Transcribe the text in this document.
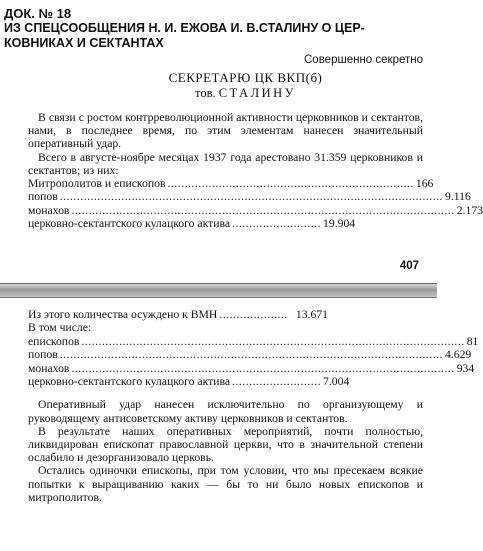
ДОК. № 18
ИЗ СПЕЦСООБЩЕНИЯ Н. И. ЕЖОВА И. В.СТАЛИНУ О ЦЕР-КОВНИКАХ И СЕКТАНТАХ
Совершенно секретно
СЕКРЕТАРЮ ЦК ВКП(б)
тов. СТАЛИНУ

В связи с ростом контрреволюционной активности церковников и сектантов, нами, в последнее время, по этим элементам нанесен значительный оперативный удар.

Всего в августе-ноябре месяцах 1937 года арестовано 31.359 церковников и сектантов; из них:

Митрополитов и епископов ........................................................................ 166
попов ................................................................................................................ 9.116
монахов ................................................................................................................ 2.173
церковно-сектантского кулацкого актива .......................... 19.904
407
Из этого количества осуждено к ВМН .................... 13.671
В том числе:
епископов ................................................................................................................ 81
попов ................................................................................................................ 4.629
монахов ................................................................................................................ 934
церковно-сектантского кулацкого актива .......................... 7.004

Оперативный удар нанесен исключительно по организующему и руководящему антисоветскому активу церковников и сектантов.

В результате наших оперативных мероприятий, почти полностью, ликвидирован епископат православной церкви, что в значительной степени ослабило и дезорганизовало церковь.

Остались одиночки епископы, при том условии, что мы пресекаем всякие попытки к выращиванию каких — бы то ни было новых епископов и митрополитов.
